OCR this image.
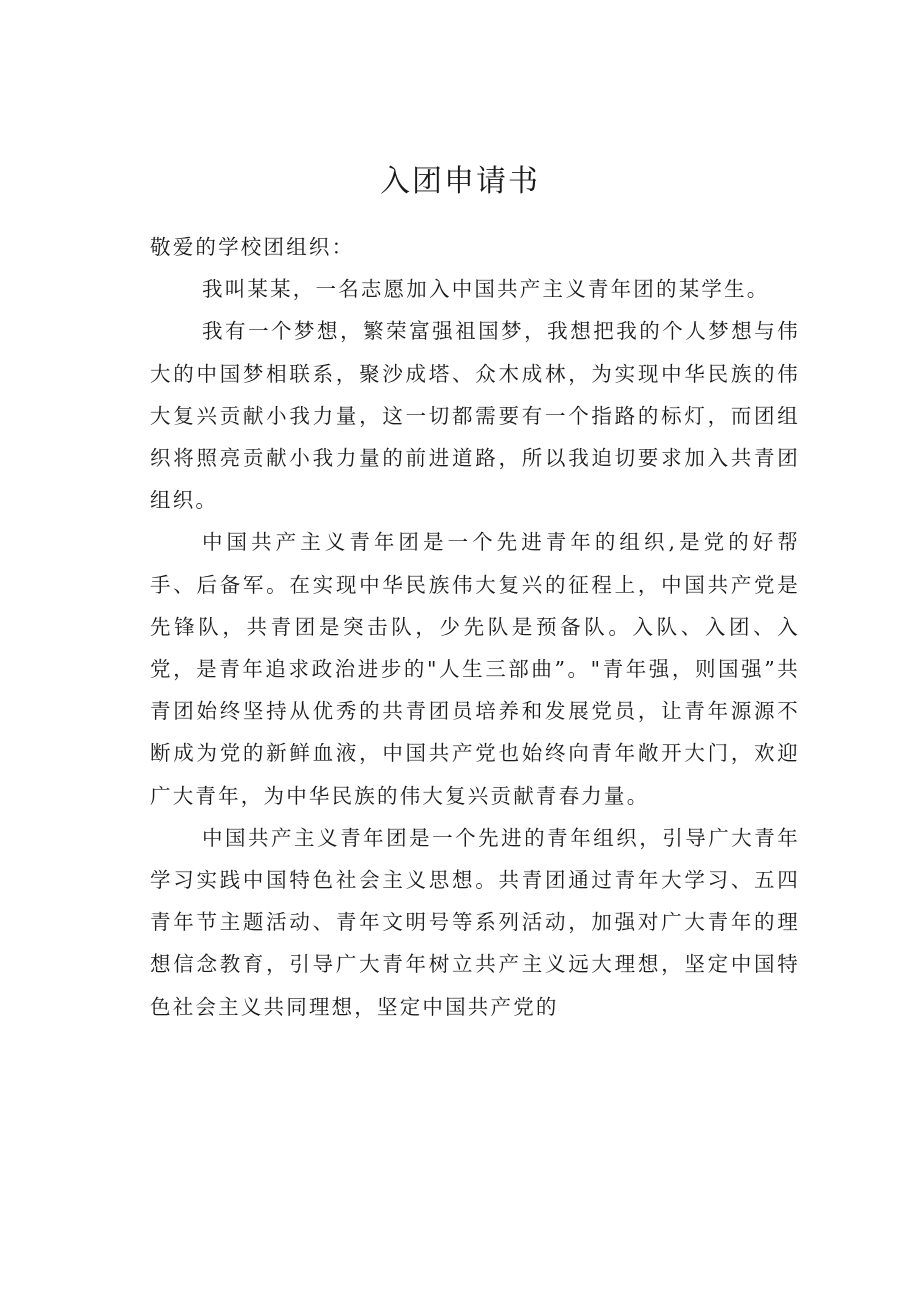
入团申请书

敬爱的学校团组织：

我叫某某，一名志愿加入中国共产主义青年团的某学生。

我有一个梦想，繁荣富强祖国梦，我想把我的个人梦想与伟大的中国梦相联系，聚沙成塔、众木成林，为实现中华民族的伟大复兴贡献小我力量，这一切都需要有一个指路的标灯，而团组织将照亮贡献小我力量的前进道路，所以我迫切要求加入共青团组织。

中国共产主义青年团是一个先进青年的组织,是党的好帮手、后备军。在实现中华民族伟大复兴的征程上，中国共产党是先锋队，共青团是突击队，少先队是预备队。入队、入团、入党，是青年追求政治进步的"人生三部曲”。"青年强，则国强”共青团始终坚持从优秀的共青团员培养和发展党员，让青年源源不断成为党的新鲜血液，中国共产党也始终向青年敞开大门，欢迎广大青年，为中华民族的伟大复兴贡献青春力量。

中国共产主义青年团是一个先进的青年组织，引导广大青年学习实践中国特色社会主义思想。共青团通过青年大学习、五四青年节主题活动、青年文明号等系列活动，加强对广大青年的理想信念教育，引导广大青年树立共产主义远大理想，坚定中国特色社会主义共同理想，坚定中国共产党的
